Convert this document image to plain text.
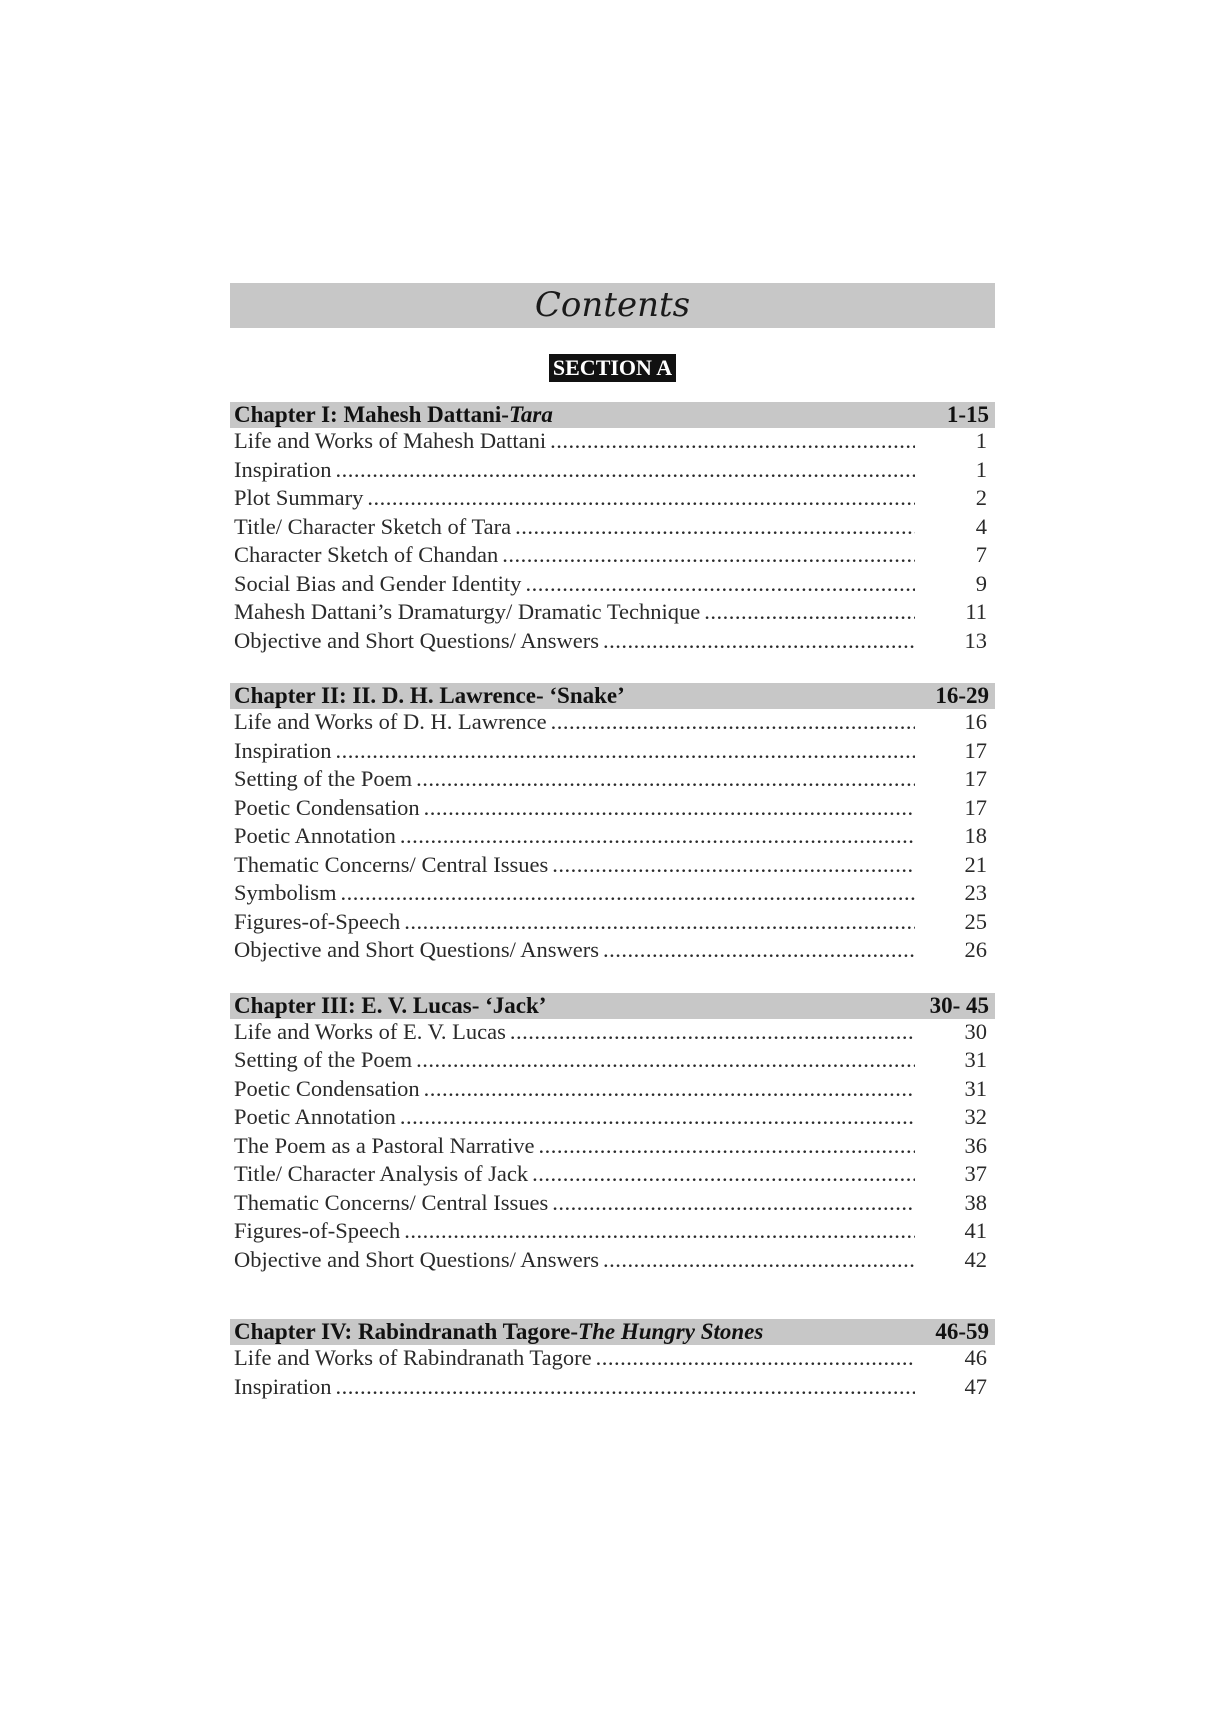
Contents
SECTION A
Chapter I: Mahesh Dattani-Tara	1-15
Life and Works of Mahesh Dattani .....	1
Inspiration .....	1
Plot Summary .....	2
Title/ Character Sketch of Tara .....	4
Character Sketch of Chandan .....	7
Social Bias and Gender Identity .....	9
Mahesh Dattani’s Dramaturgy/ Dramatic Technique .....	11
Objective and Short Questions/ Answers .....	13
Chapter II: II. D. H. Lawrence- ‘Snake’	16-29
Life and Works of D. H. Lawrence .....	16
Inspiration .....	17
Setting of the Poem .....	17
Poetic Condensation .....	17
Poetic Annotation .....	18
Thematic Concerns/ Central Issues .....	21
Symbolism .....	23
Figures-of-Speech .....	25
Objective and Short Questions/ Answers .....	26
Chapter III: E. V. Lucas- ‘Jack’	30- 45
Life and Works of E. V. Lucas .....	30
Setting of the Poem .....	31
Poetic Condensation .....	31
Poetic Annotation .....	32
The Poem as a Pastoral Narrative .....	36
Title/ Character Analysis of Jack .....	37
Thematic Concerns/ Central Issues .....	38
Figures-of-Speech .....	41
Objective and Short Questions/ Answers .....	42
Chapter IV: Rabindranath Tagore-The Hungry Stones	46-59
Life and Works of Rabindranath Tagore .....	46
Inspiration .....	47
